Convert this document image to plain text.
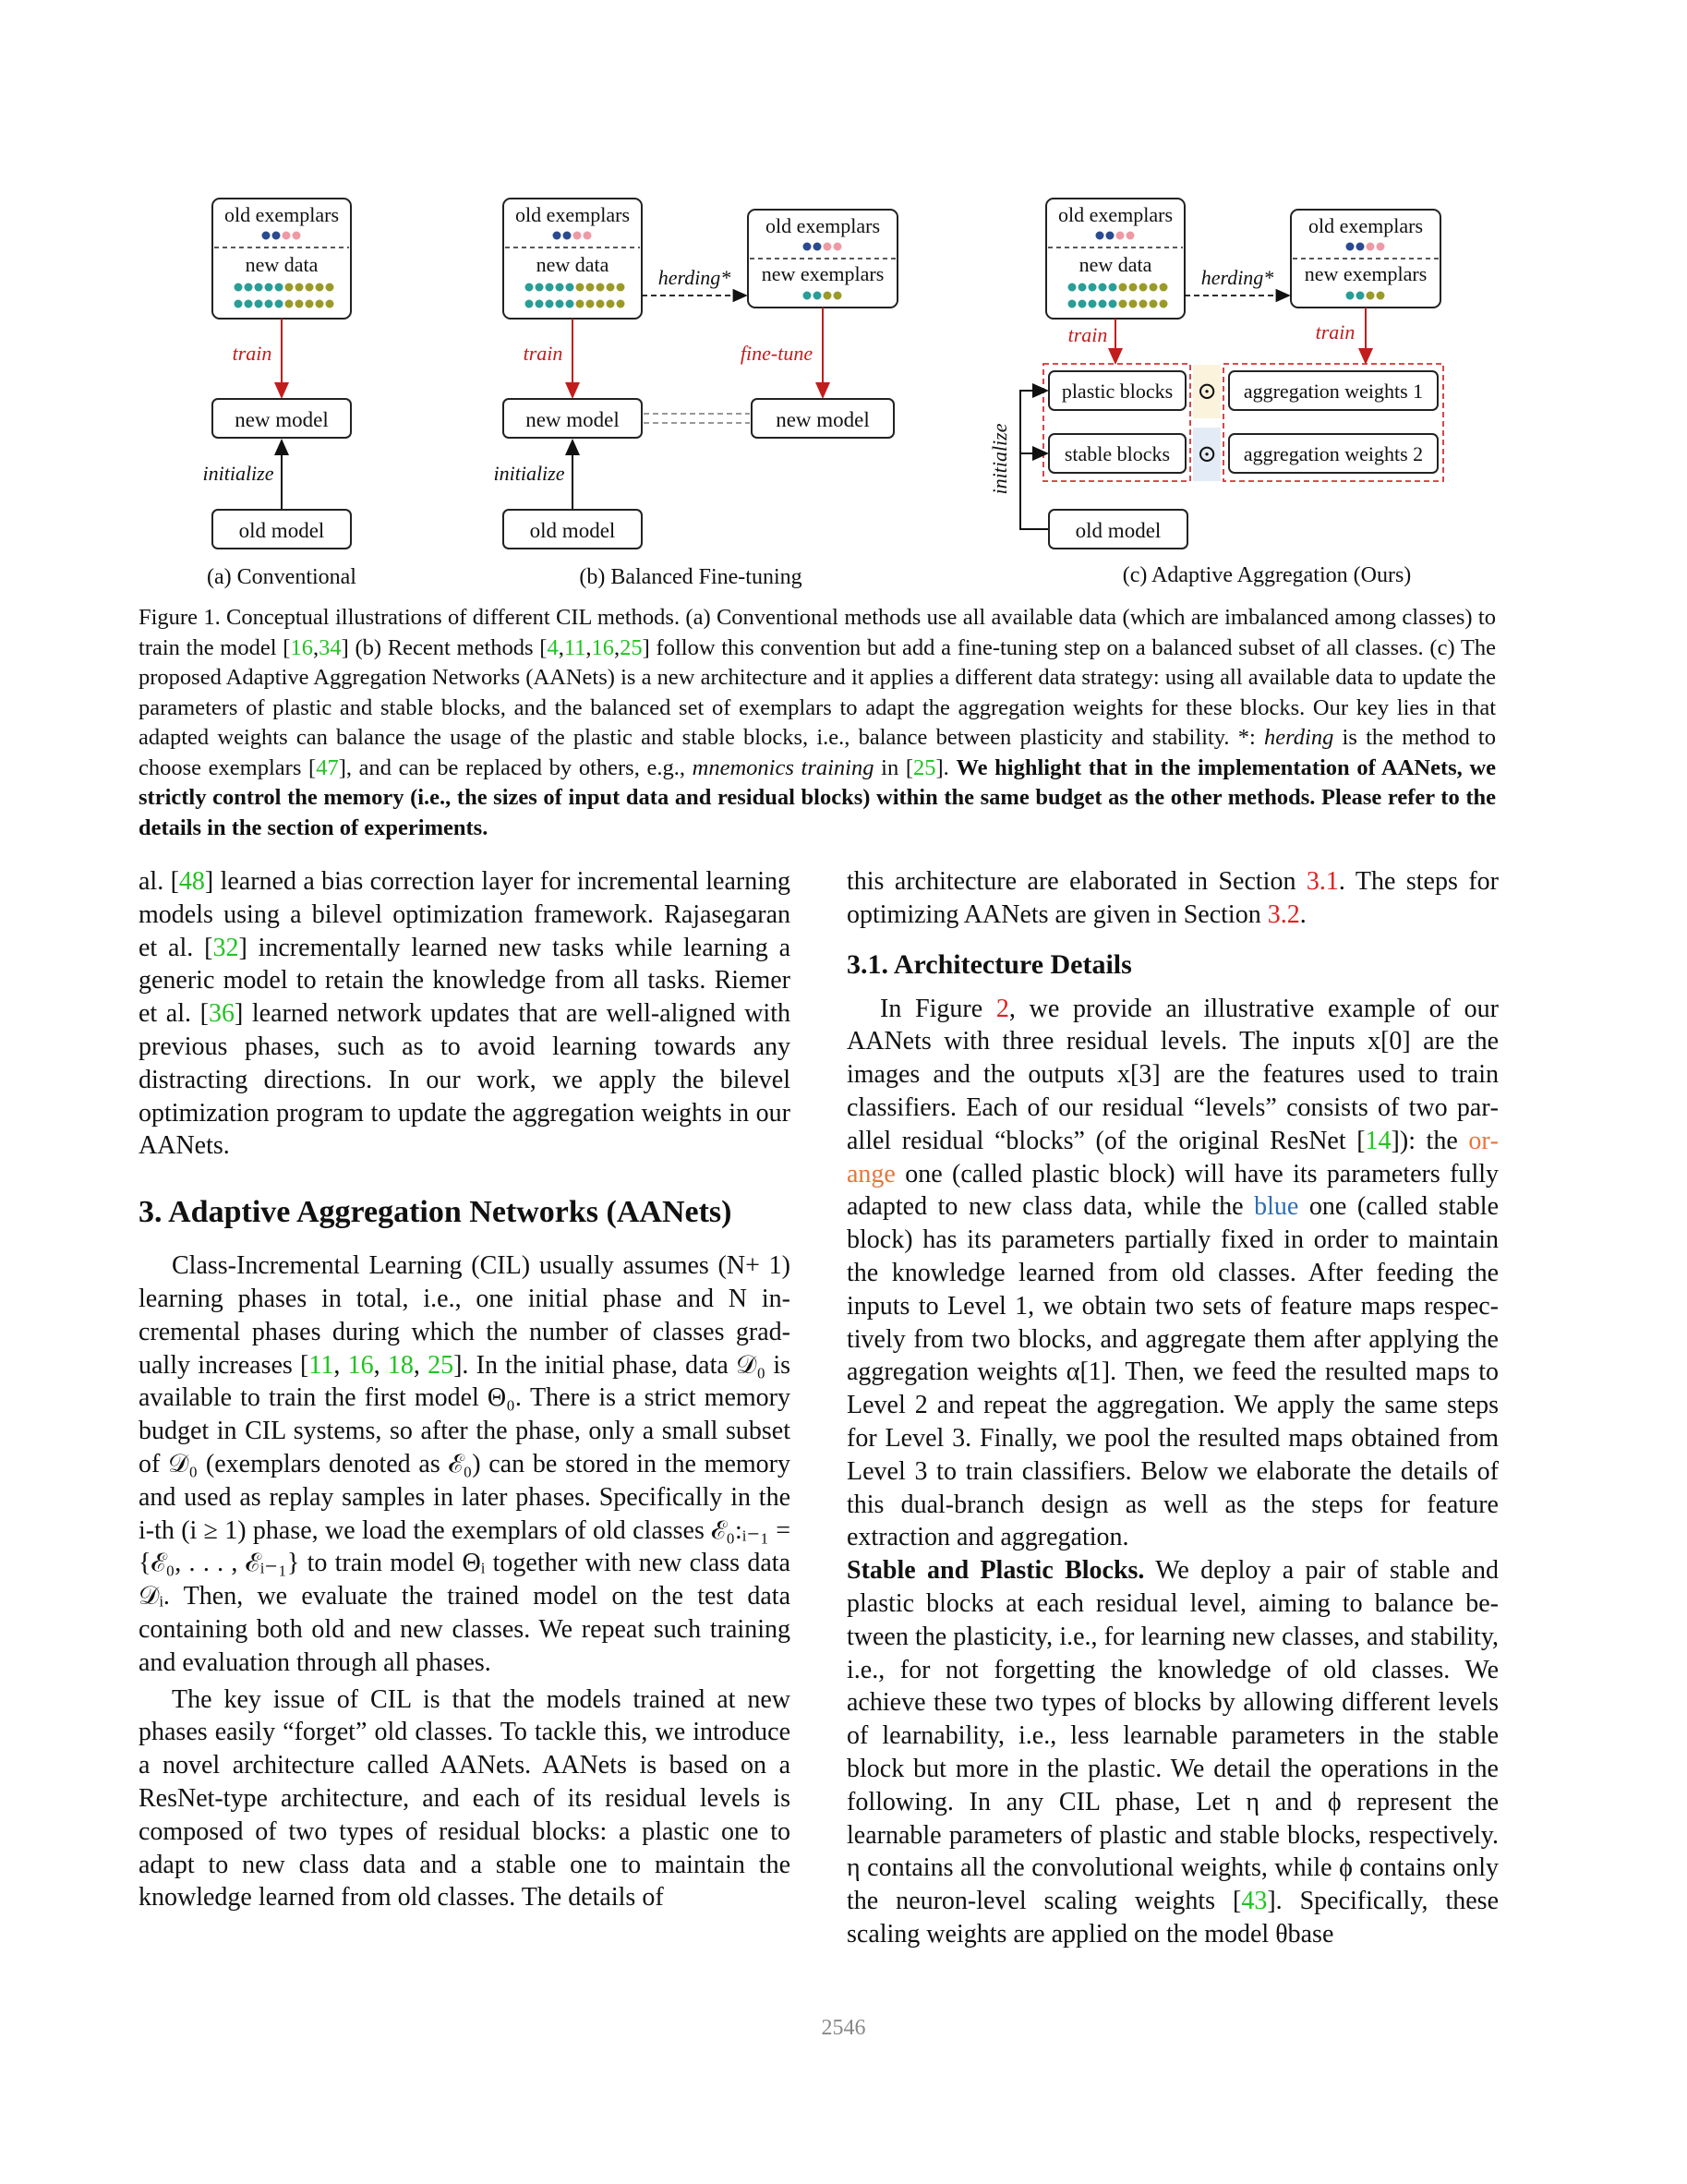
old exemplars
new data
train
new model
initialize
old model
(a) Conventional
old exemplars
new data
herding*
old exemplars
new exemplars
train	fine-tune
new model	new model
initialize
old model
(b) Balanced Fine-tuning
old exemplars
new data
herding*
old exemplars
new exemplars
train	train
plastic blocks
stable blocks
⊙
⊙
aggregation weights 1
aggregation weights 2
initialize
old model
(c) Adaptive Aggregation (Ours)
Figure 1. Conceptual illustrations of different CIL methods. (a) Conventional methods use all available data (which are imbalanced among classes) to train the model [16,34] (b) Recent methods [4,11,16,25] follow this convention but add a fine-tuning step on a balanced subset of all classes. (c) The proposed Adaptive Aggregation Networks (AANets) is a new architecture and it applies a different data strategy: using all available data to update the parameters of plastic and stable blocks, and the balanced set of exemplars to adapt the aggregation weights for these blocks. Our key lies in that adapted weights can balance the usage of the plastic and stable blocks, i.e., balance between plasticity and stability. *: herding is the method to choose exemplars [47], and can be replaced by others, e.g., mnemonics training in [25]. We highlight that in the implementation of AANets, we strictly control the memory (i.e., the sizes of input data and residual blocks) within the same budget as the other methods. Please refer to the details in the section of experiments.

al. [48] learned a bias correction layer for incremental learning models using a bilevel optimization framework. Rajasegaran et al. [32] incrementally learned new tasks while learning a generic model to retain the knowledge from all tasks. Riemer et al. [36] learned network updates that are well-aligned with previous phases, such as to avoid learning towards any distracting directions. In our work, we apply the bilevel optimization program to update the aggregation weights in our AANets.

3. Adaptive Aggregation Networks (AANets)

Class-Incremental Learning (CIL) usually assumes (N+ 1) learning phases in total, i.e., one initial phase and N incremental phases during which the number of classes gradually increases [11, 16, 18, 25]. In the initial phase, data 𝒟₀ is available to train the first model Θ₀. There is a strict memory budget in CIL systems, so after the phase, only a small subset of 𝒟₀ (exemplars denoted as ℰ₀) can be stored in the memory and used as replay samples in later phases. Specifically in the i-th (i ≥ 1) phase, we load the exemplars of old classes ℰ₀:ᵢ₋₁ = {ℰ₀, . . . , ℰᵢ₋₁} to train model Θᵢ together with new class data 𝒟ᵢ. Then, we evaluate the trained model on the test data containing both old and new classes. We repeat such training and evaluation through all phases.

The key issue of CIL is that the models trained at new phases easily “forget” old classes. To tackle this, we introduce a novel architecture called AANets. AANets is based on a ResNet-type architecture, and each of its residual levels is composed of two types of residual blocks: a plastic one to adapt to new class data and a stable one to maintain the knowledge learned from old classes. The details of

this architecture are elaborated in Section 3.1. The steps for optimizing AANets are given in Section 3.2.

3.1. Architecture Details

In Figure 2, we provide an illustrative example of our AANets with three residual levels. The inputs x[0] are the images and the outputs x[3] are the features used to train classifiers. Each of our residual “levels” consists of two parallel residual “blocks” (of the original ResNet [14]): the orange one (called plastic block) will have its parameters fully adapted to new class data, while the blue one (called stable block) has its parameters partially fixed in order to maintain the knowledge learned from old classes. After feeding the inputs to Level 1, we obtain two sets of feature maps respectively from two blocks, and aggregate them after applying the aggregation weights α[1]. Then, we feed the resulted maps to Level 2 and repeat the aggregation. We apply the same steps for Level 3. Finally, we pool the resulted maps obtained from Level 3 to train classifiers. Below we elaborate the details of this dual-branch design as well as the steps for feature extraction and aggregation.

Stable and Plastic Blocks. We deploy a pair of stable and plastic blocks at each residual level, aiming to balance between the plasticity, i.e., for learning new classes, and stability, i.e., for not forgetting the knowledge of old classes. We achieve these two types of blocks by allowing different levels of learnability, i.e., less learnable parameters in the stable block but more in the plastic. We detail the operations in the following. In any CIL phase, Let η and ϕ represent the learnable parameters of plastic and stable blocks, respectively. η contains all the convolutional weights, while ϕ contains only the neuron-level scaling weights [43]. Specifically, these scaling weights are applied on the model θbase

2546
